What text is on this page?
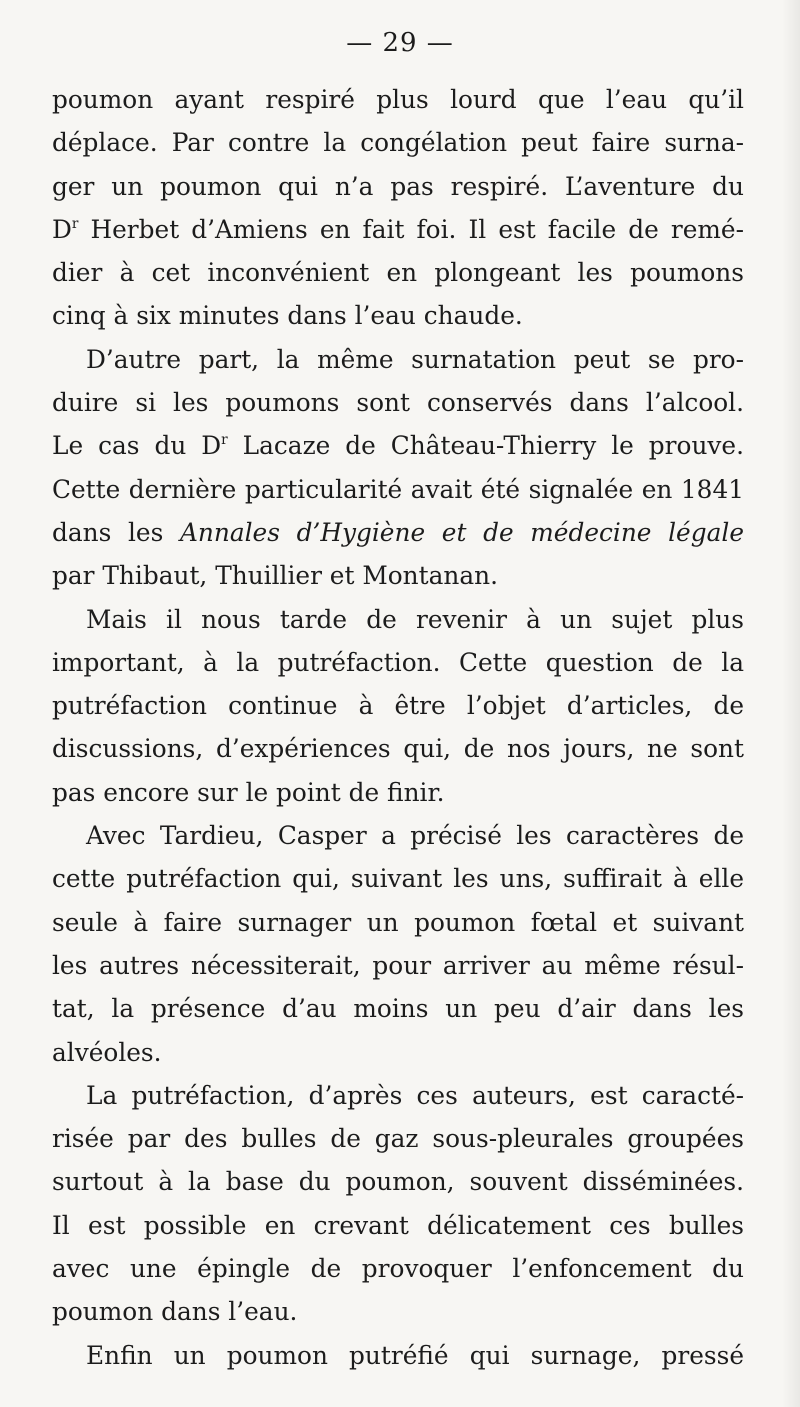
— 29 —
poumon ayant respiré plus lourd que l’eau qu’il
déplace. Par contre la congélation peut faire surna-
ger un poumon qui n’a pas respiré. L’aventure du
$D^r$ Herbet d’Amiens en fait foi. Il est facile de remé-
dier à cet inconvénient en plongeant les poumons
cinq à six minutes dans l’eau chaude.
D’autre part, la même surnatation peut se pro-
duire si les poumons sont conservés dans l’alcool.
Le cas du $D^r$ Lacaze de Château-Thierry le prouve.
Cette dernière particularité avait été signalée en 1841
dans les Annales d’Hygiène et de médecine légale
par Thibaut, Thuillier et Montanan.
Mais il nous tarde de revenir à un sujet plus
important, à la putréfaction. Cette question de la
putréfaction continue à être l’objet d’articles, de
discussions, d’expériences qui, de nos jours, ne sont
pas encore sur le point de finir.
Avec Tardieu, Casper a précisé les caractères de
cette putréfaction qui, suivant les uns, suffirait à elle
seule à faire surnager un poumon fœtal et suivant
les autres nécessiterait, pour arriver au même résul-
tat, la présence d’au moins un peu d’air dans les
alvéoles.
La putréfaction, d’après ces auteurs, est caracté-
risée par des bulles de gaz sous-pleurales groupées
surtout à la base du poumon, souvent disséminées.
Il est possible en crevant délicatement ces bulles
avec une épingle de provoquer l’enfoncement du
poumon dans l’eau.
Enfin un poumon putréfié qui surnage, pressé
